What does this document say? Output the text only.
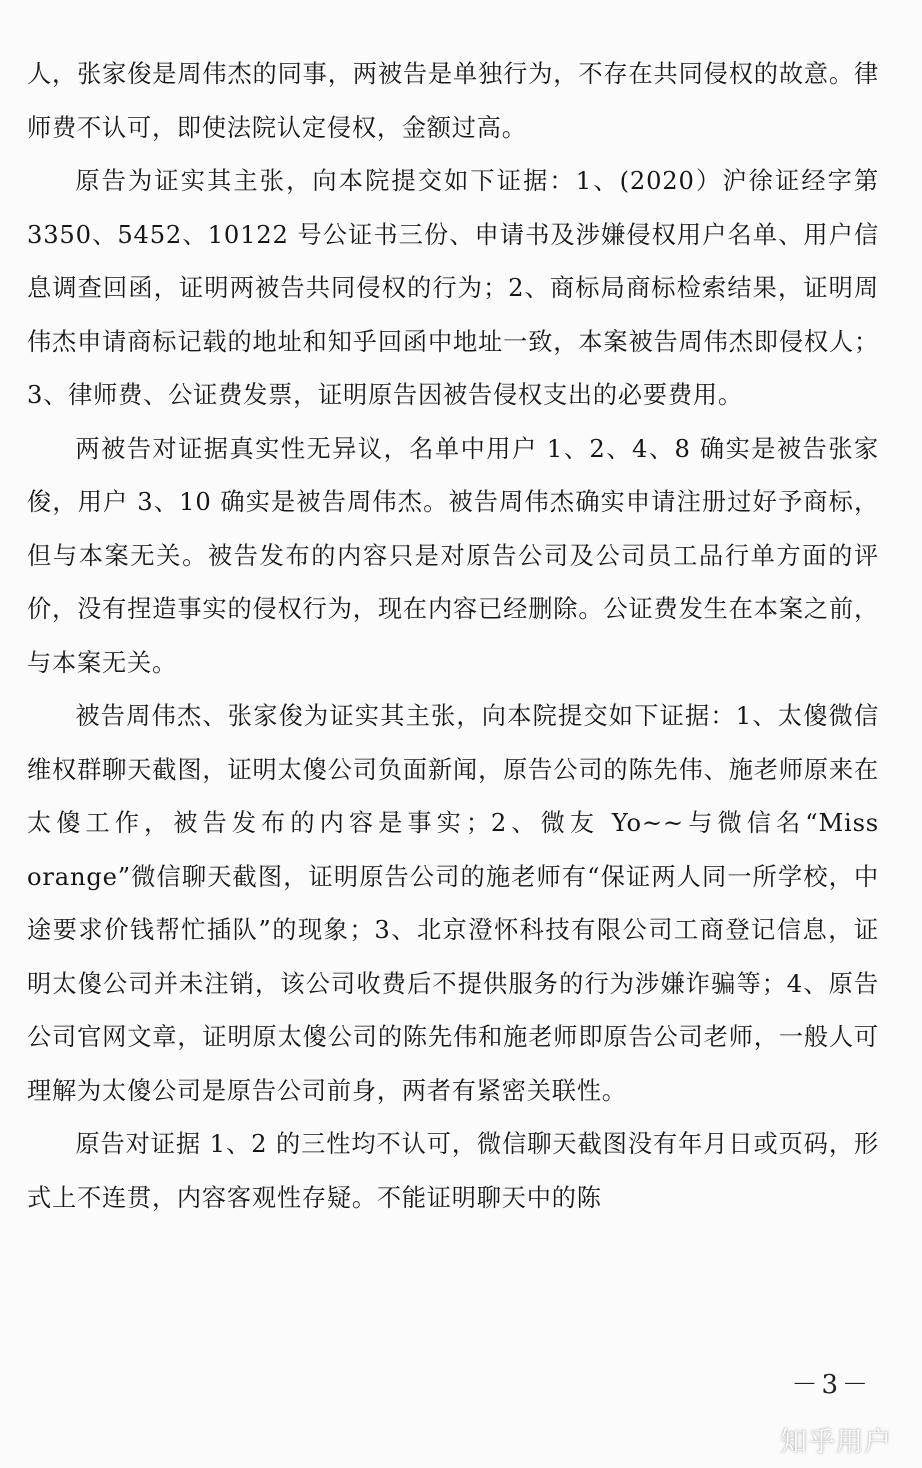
人，张家俊是周伟杰的同事，两被告是单独行为，不存在共同侵权的故意。律师费不认可，即使法院认定侵权，金额过高。

原告为证实其主张，向本院提交如下证据：1、(2020）沪徐证经字第 3350、5452、10122 号公证书三份、申请书及涉嫌侵权用户名单、用户信息调查回函，证明两被告共同侵权的行为；2、商标局商标检索结果，证明周伟杰申请商标记载的地址和知乎回函中地址一致，本案被告周伟杰即侵权人；3、律师费、公证费发票，证明原告因被告侵权支出的必要费用。

两被告对证据真实性无异议，名单中用户 1、2、4、8 确实是被告张家俊，用户 3、10 确实是被告周伟杰。被告周伟杰确实申请注册过好予商标，但与本案无关。被告发布的内容只是对原告公司及公司员工品行单方面的评价，没有捏造事实的侵权行为，现在内容已经删除。公证费发生在本案之前，与本案无关。

被告周伟杰、张家俊为证实其主张，向本院提交如下证据：1、太傻微信维权群聊天截图，证明太傻公司负面新闻，原告公司的陈先伟、施老师原来在太傻工作，被告发布的内容是事实；2、微友 Yo~~与微信名“Miss orange”微信聊天截图，证明原告公司的施老师有“保证两人同一所学校，中途要求价钱帮忙插队”的现象；3、北京澄怀科技有限公司工商登记信息，证明太傻公司并未注销，该公司收费后不提供服务的行为涉嫌诈骗等；4、原告公司官网文章，证明原太傻公司的陈先伟和施老师即原告公司老师，一般人可理解为太傻公司是原告公司前身，两者有紧密关联性。

原告对证据 1、2 的三性均不认可，微信聊天截图没有年月日或页码，形式上不连贯，内容客观性存疑。不能证明聊天中的陈

－3－
知乎用户
